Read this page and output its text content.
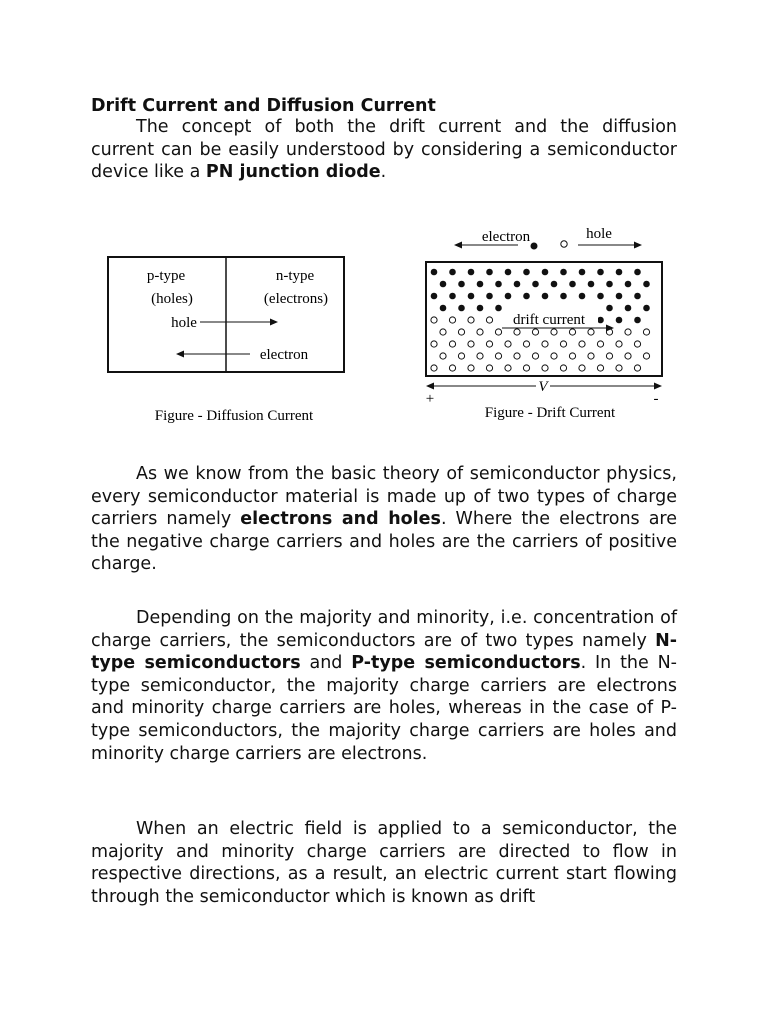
Drift Current and Diffusion Current

The concept of both the drift current and the diffusion current can be easily understood by considering a semiconductor device like a PN junction diode.

p-type
(holes)
n-type
(electrons)
hole
electron
Figure - Diffusion Current
electron	hole
drift current
V
+	-
Figure - Drift Current

As we know from the basic theory of semiconductor physics, every semiconductor material is made up of two types of charge carriers namely electrons and holes. Where the electrons are the negative charge carriers and holes are the carriers of positive charge.

Depending on the majority and minority, i.e. concentration of charge carriers, the semiconductors are of two types namely N-type semiconductors and P-type semiconductors. In the N-type semiconductor, the majority charge carriers are electrons and minority charge carriers are holes, whereas in the case of P-type semiconductors, the majority charge carriers are holes and minority charge carriers are electrons.

When an electric field is applied to a semiconductor, the majority and minority charge carriers are directed to flow in respective directions, as a result, an electric current start flowing through the semiconductor which is known as drift
